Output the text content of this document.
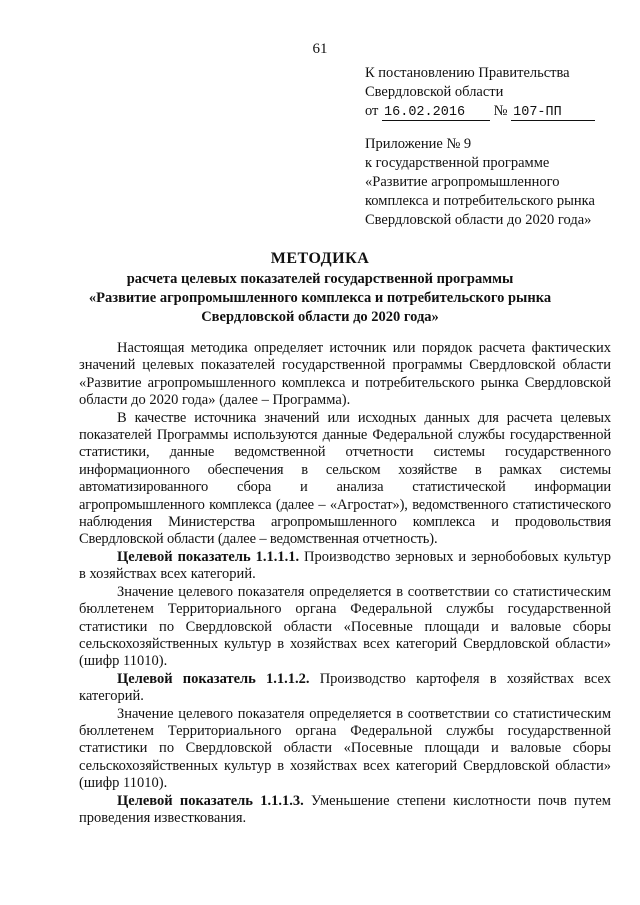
61
К постановлению Правительства
Свердловской области
от 16.02.2016 № 107-ПП
Приложение № 9
к государственной программе
«Развитие агропромышленного
комплекса и потребительского рынка
Свердловской области до 2020 года»
МЕТОДИКА
расчета целевых показателей государственной программы
«Развитие агропромышленного комплекса и потребительского рынка
Свердловской области до 2020 года»

Настоящая методика определяет источник или порядок расчета фактических значений целевых показателей государственной программы Свердловской области «Развитие агропромышленного комплекса и потребительского рынка Свердловской области до 2020 года» (далее – Программа).

В качестве источника значений или исходных данных для расчета целевых показателей Программы используются данные Федеральной службы государственной статистики, данные ведомственной отчетности системы государственного информационного обеспечения в сельском хозяйстве в рамках системы автоматизированного сбора и анализа статистической информации агропромышленного комплекса (далее – «Агростат»), ведомственного статистического наблюдения Министерства агропромышленного комплекса и продовольствия Свердловской области (далее – ведомственная отчетность).

Целевой показатель 1.1.1.1. Производство зерновых и зернобобовых культур в хозяйствах всех категорий.

Значение целевого показателя определяется в соответствии со статистическим бюллетенем Территориального органа Федеральной службы государственной статистики по Свердловской области «Посевные площади и валовые сборы сельскохозяйственных культур в хозяйствах всех категорий Свердловской области» (шифр 11010).

Целевой показатель 1.1.1.2. Производство картофеля в хозяйствах всех категорий.

Значение целевого показателя определяется в соответствии со статистическим бюллетенем Территориального органа Федеральной службы государственной статистики по Свердловской области «Посевные площади и валовые сборы сельскохозяйственных культур в хозяйствах всех категорий Свердловской области» (шифр 11010).

Целевой показатель 1.1.1.3. Уменьшение степени кислотности почв путем проведения известкования.
